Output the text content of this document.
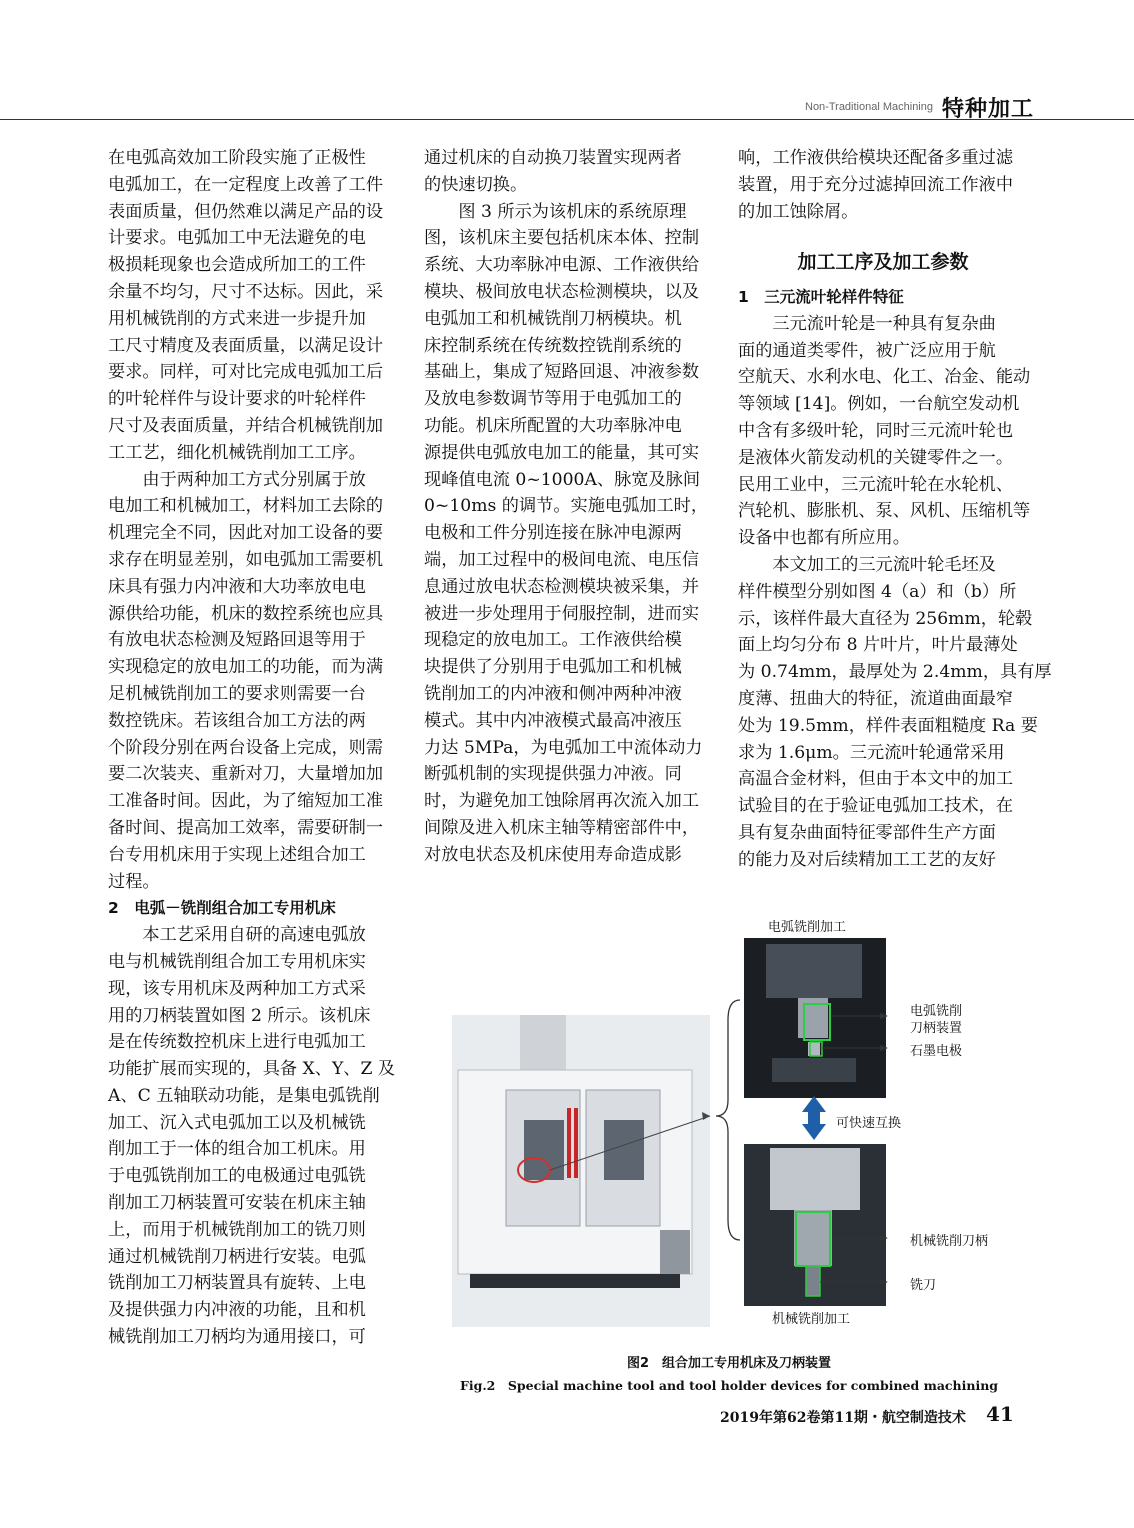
Non-Traditional Machining 特种加工

在电弧高效加工阶段实施了正极性

电弧加工，在一定程度上改善了工件

表面质量，但仍然难以满足产品的设

计要求。电弧加工中无法避免的电

极损耗现象也会造成所加工的工件

余量不均匀，尺寸不达标。因此，采

用机械铣削的方式来进一步提升加

工尺寸精度及表面质量，以满足设计

要求。同样，可对比完成电弧加工后

的叶轮样件与设计要求的叶轮样件

尺寸及表面质量，并结合机械铣削加

工工艺，细化机械铣削加工工序。

　　由于两种加工方式分别属于放

电加工和机械加工，材料加工去除的

机理完全不同，因此对加工设备的要

求存在明显差别，如电弧加工需要机

床具有强力内冲液和大功率放电电

源供给功能，机床的数控系统也应具

有放电状态检测及短路回退等用于

实现稳定的放电加工的功能，而为满

足机械铣削加工的要求则需要一台

数控铣床。若该组合加工方法的两

个阶段分别在两台设备上完成，则需

要二次装夹、重新对刀，大量增加加

工准备时间。因此，为了缩短加工准

备时间、提高加工效率，需要研制一

台专用机床用于实现上述组合加工

过程。

2　电弧－铣削组合加工专用机床

　　本工艺采用自研的高速电弧放

电与机械铣削组合加工专用机床实

现，该专用机床及两种加工方式采

用的刀柄装置如图 2 所示。该机床

是在传统数控机床上进行电弧加工

功能扩展而实现的，具备 X、Y、Z 及

A、C 五轴联动功能，是集电弧铣削

加工、沉入式电弧加工以及机械铣

削加工于一体的组合加工机床。用

于电弧铣削加工的电极通过电弧铣

削加工刀柄装置可安装在机床主轴

上，而用于机械铣削加工的铣刀则

通过机械铣削刀柄进行安装。电弧

铣削加工刀柄装置具有旋转、上电

及提供强力内冲液的功能，且和机

械铣削加工刀柄均为通用接口，可

通过机床的自动换刀装置实现两者

的快速切换。

　　图 3 所示为该机床的系统原理

图，该机床主要包括机床本体、控制

系统、大功率脉冲电源、工作液供给

模块、极间放电状态检测模块，以及

电弧加工和机械铣削刀柄模块。机

床控制系统在传统数控铣削系统的

基础上，集成了短路回退、冲液参数

及放电参数调节等用于电弧加工的

功能。机床所配置的大功率脉冲电

源提供电弧放电加工的能量，其可实

现峰值电流 0~1000A、脉宽及脉间

0~10ms 的调节。实施电弧加工时，

电极和工件分别连接在脉冲电源两

端，加工过程中的极间电流、电压信

息通过放电状态检测模块被采集，并

被进一步处理用于伺服控制，进而实

现稳定的放电加工。工作液供给模

块提供了分别用于电弧加工和机械

铣削加工的内冲液和侧冲两种冲液

模式。其中内冲液模式最高冲液压

力达 5MPa，为电弧加工中流体动力

断弧机制的实现提供强力冲液。同

时，为避免加工蚀除屑再次流入加工

间隙及进入机床主轴等精密部件中，

对放电状态及机床使用寿命造成影

响，工作液供给模块还配备多重过滤

装置，用于充分过滤掉回流工作液中

的加工蚀除屑。

加工工序及加工参数

1　三元流叶轮样件特征

　　三元流叶轮是一种具有复杂曲

面的通道类零件，被广泛应用于航

空航天、水利水电、化工、冶金、能动

等领域 [14]。例如，一台航空发动机

中含有多级叶轮，同时三元流叶轮也

是液体火箭发动机的关键零件之一。

民用工业中，三元流叶轮在水轮机、

汽轮机、膨胀机、泵、风机、压缩机等

设备中也都有所应用。

　　本文加工的三元流叶轮毛坯及

样件模型分别如图 4（a）和（b）所

示，该样件最大直径为 256mm，轮毂

面上均匀分布 8 片叶片，叶片最薄处

为 0.74mm，最厚处为 2.4mm，具有厚

度薄、扭曲大的特征，流道曲面最窄

处为 19.5mm，样件表面粗糙度 Ra 要

求为 1.6μm。三元流叶轮通常采用

高温合金材料，但由于本文中的加工

试验目的在于验证电弧加工技术，在

具有复杂曲面特征零部件生产方面

的能力及对后续精加工工艺的友好

电弧铣削加工
电弧铣削
刀柄装置
石墨电极
可快速互换
机械铣削刀柄
铣刀
机械铣削加工
图2　组合加工专用机床及刀柄装置
Fig.2　Special machine tool and tool holder devices for combined machining
2019年第62卷第11期・航空制造技术 41
